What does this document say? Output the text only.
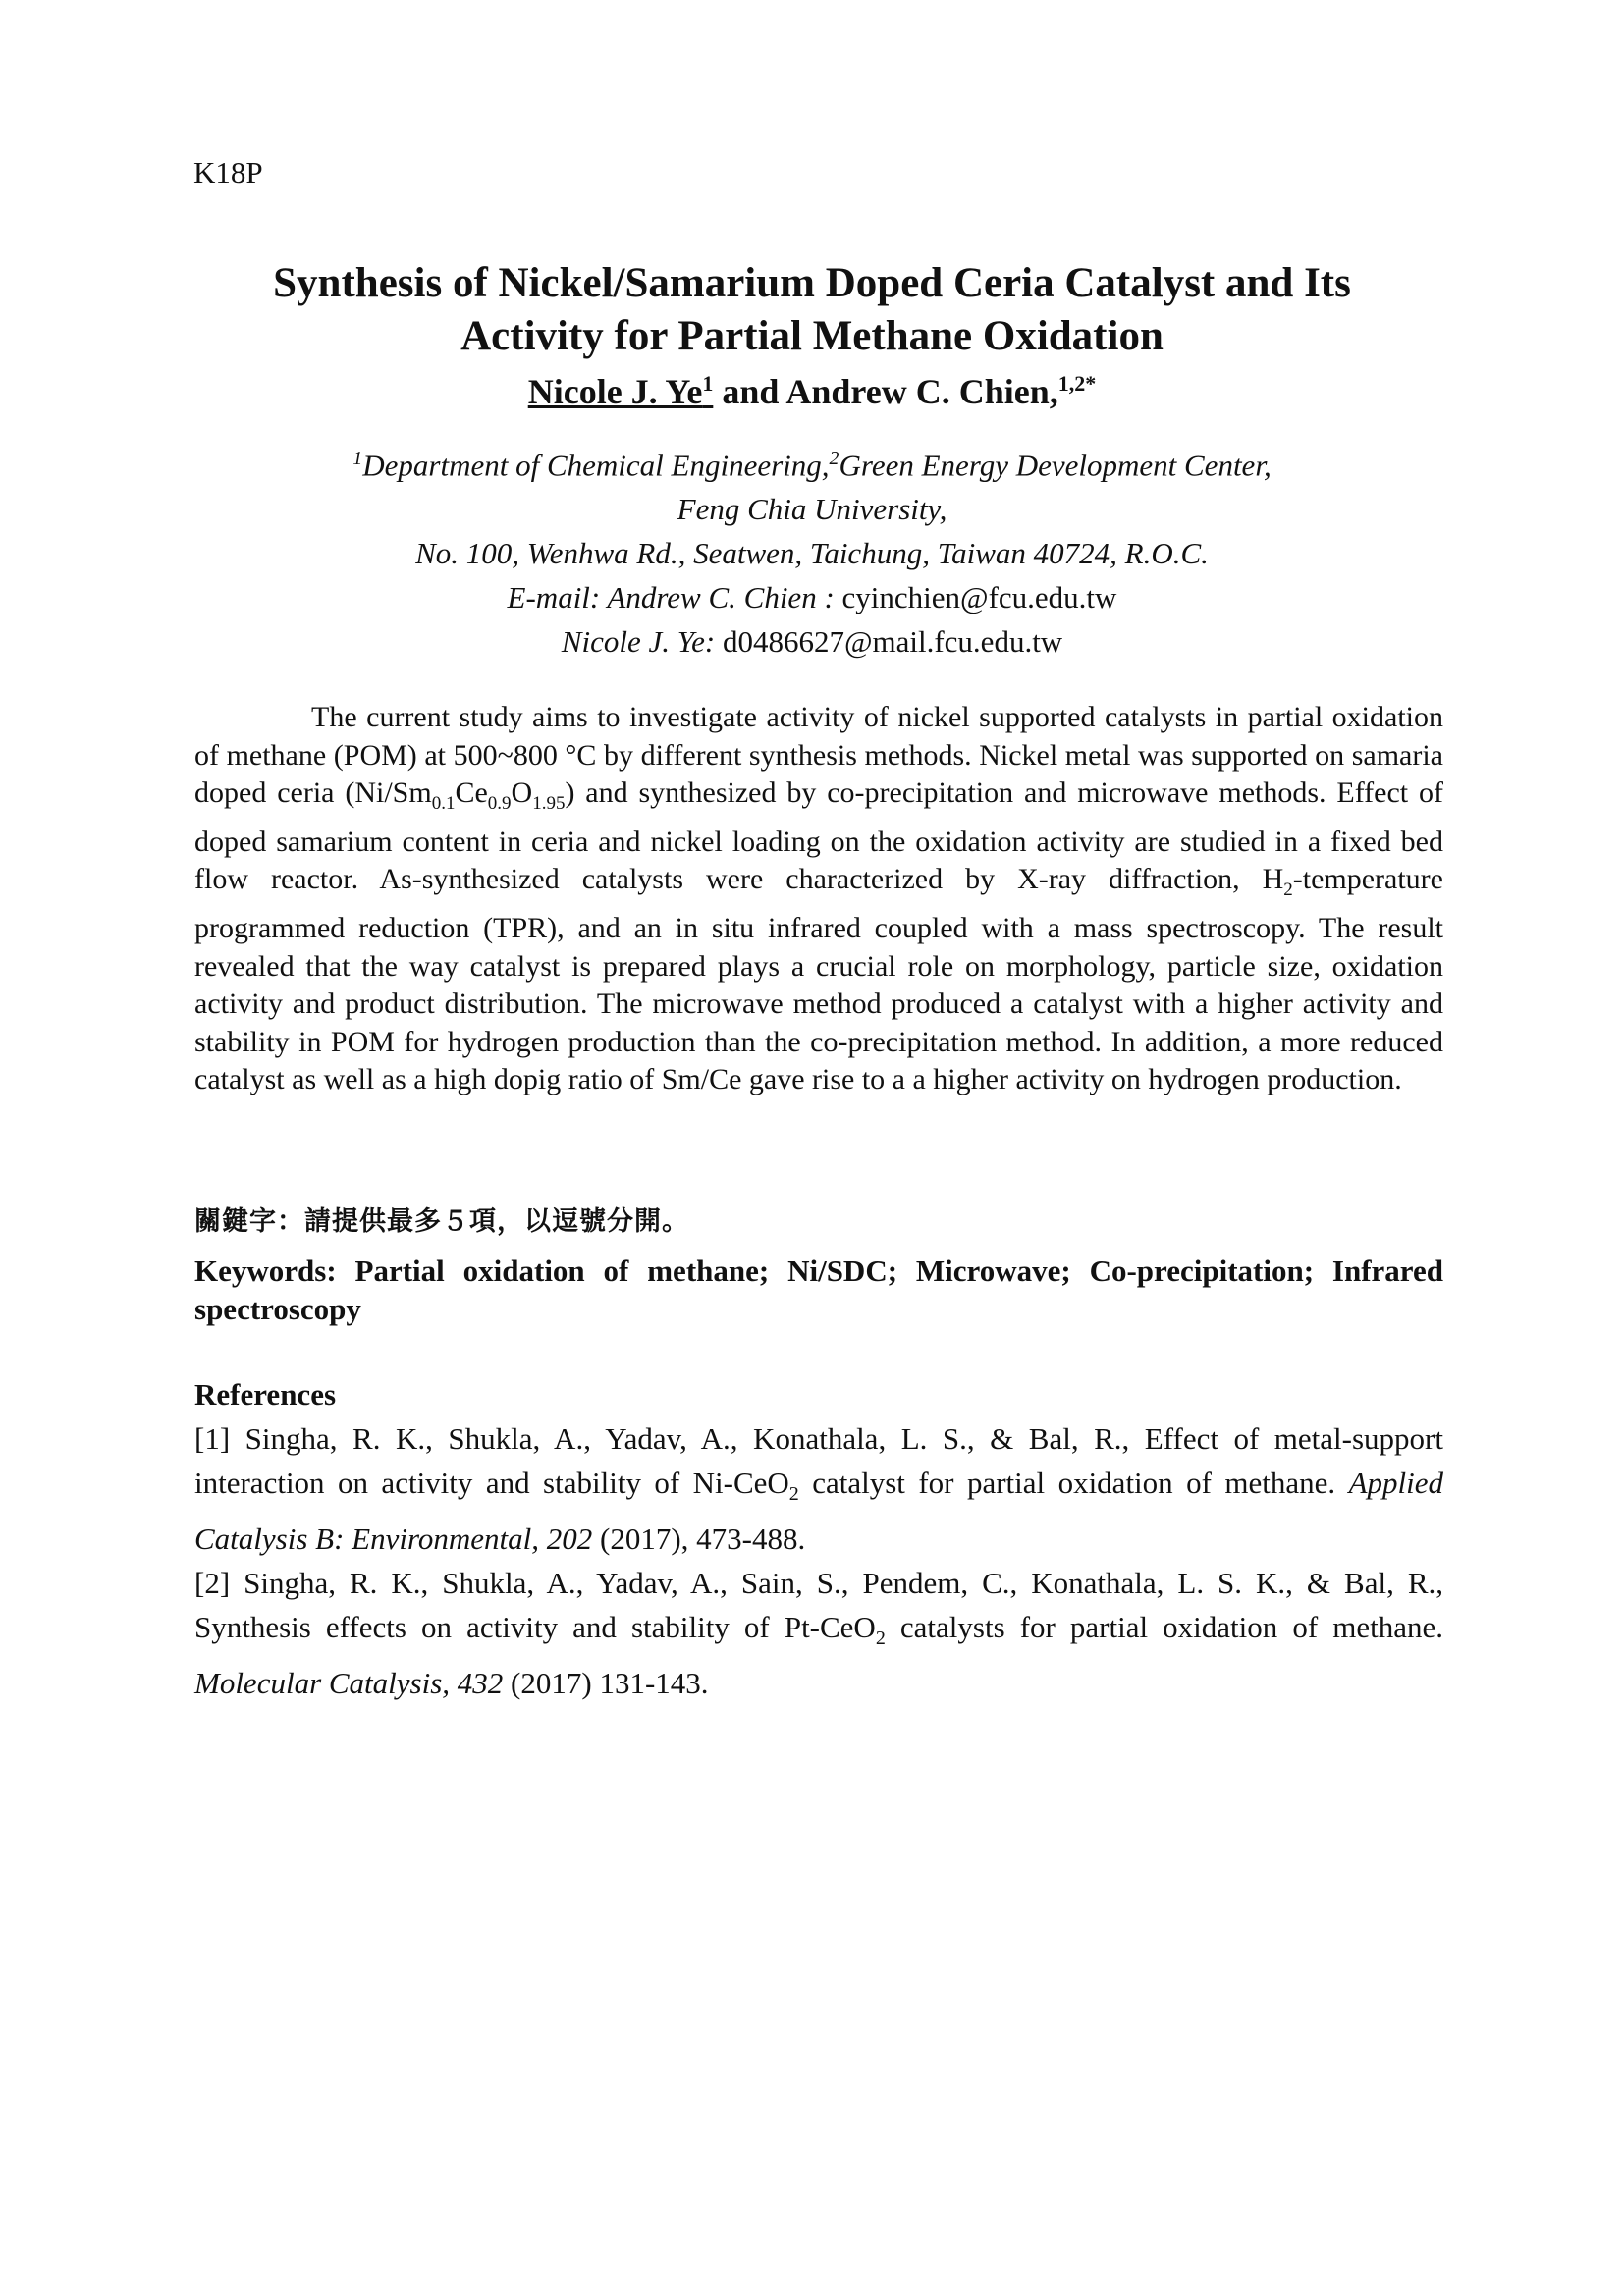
K18P
Synthesis of Nickel/Samarium Doped Ceria Catalyst and Its
Activity for Partial Methane Oxidation
Nicole J. Ye$^1$ and Andrew C. Chien,$^{1,2*}$
$^1$Department of Chemical Engineering,$^2$Green Energy Development Center,
Feng Chia University,
No. 100, Wenhwa Rd., Seatwen, Taichung, Taiwan 40724, R.O.C.
E-mail: Andrew C. Chien : cyinchien@fcu.edu.tw
Nicole J. Ye: d0486627@mail.fcu.edu.tw

The current study aims to investigate activity of nickel supported catalysts in partial oxidation of methane (POM) at 500~800 °C by different synthesis methods. Nickel metal was supported on samaria doped ceria $(Ni/Sm_{0.1}Ce_{0.9}O_{1.95})$ and synthesized by co-precipitation and microwave methods. Effect of doped samarium content in ceria and nickel loading on the oxidation activity are studied in a fixed bed flow reactor. As-synthesized catalysts were characterized by X-ray diffraction, $H_2$-temperature programmed reduction (TPR), and an in situ infrared coupled with a mass spectroscopy. The result revealed that the way catalyst is prepared plays a crucial role on morphology, particle size, oxidation activity and product distribution. The microwave method produced a catalyst with a higher activity and stability in POM for hydrogen production than the co-precipitation method. In addition, a more reduced catalyst as well as a high dopig ratio of Sm/Ce gave rise to a a higher activity on hydrogen production.

關鍵字：請提供最多５項，以逗號分開。

Keywords: Partial oxidation of methane; Ni/SDC; Microwave; Co-precipitation; Infrared spectroscopy

References

[1] Singha, R. K., Shukla, A., Yadav, A., Konathala, L. S., & Bal, R., Effect of metal-support interaction on activity and stability of Ni-CeO$_2$ catalyst for partial oxidation of methane. Applied Catalysis B: Environmental, 202 (2017), 473-488.

[2] Singha, R. K., Shukla, A., Yadav, A., Sain, S., Pendem, C., Konathala, L. S. K., & Bal, R., Synthesis effects on activity and stability of Pt-CeO$_2$ catalysts for partial oxidation of methane. Molecular Catalysis, 432 (2017) 131-143.
